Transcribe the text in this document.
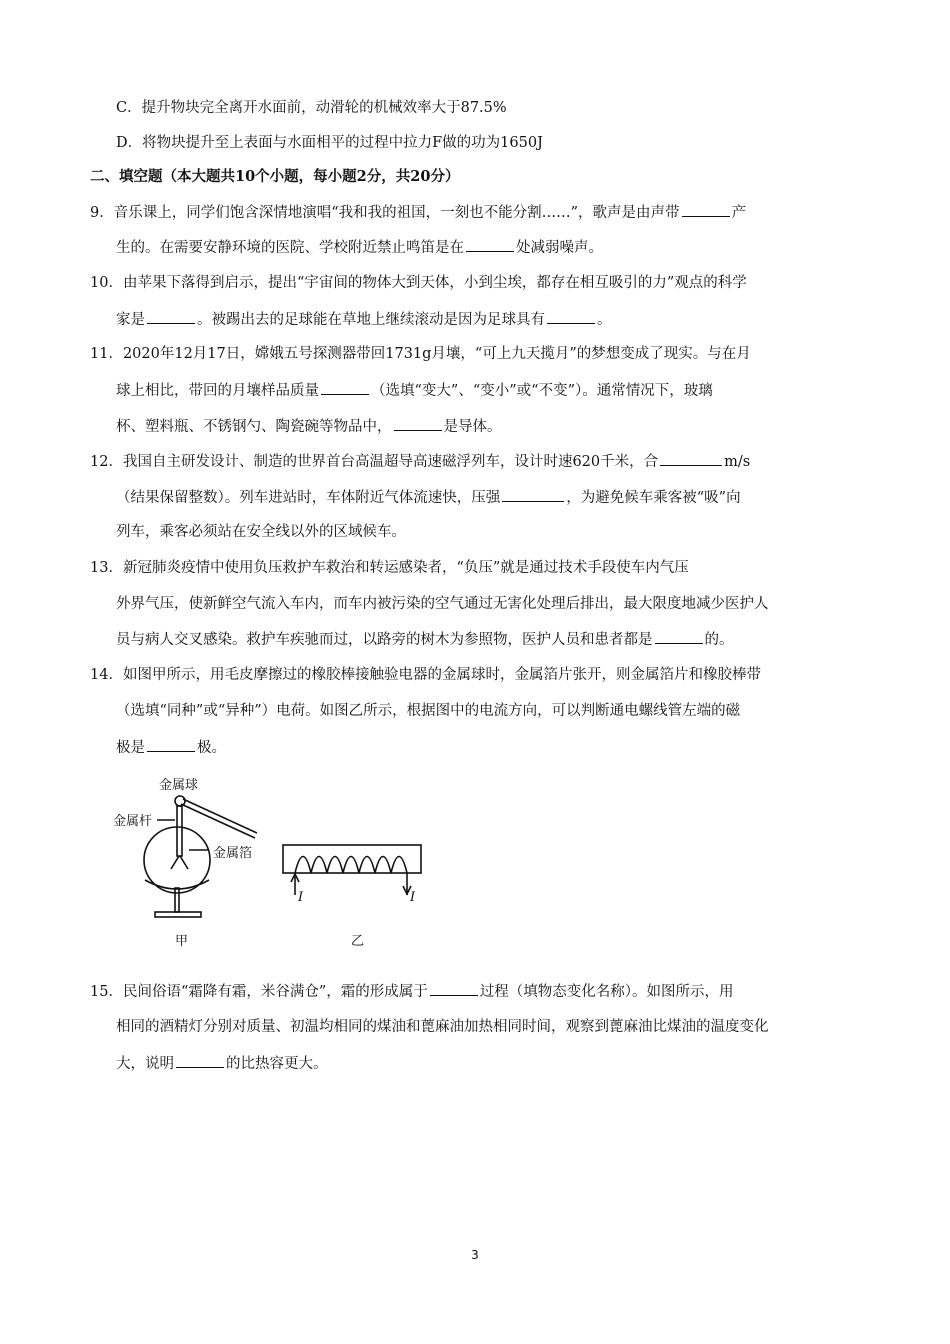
C．提升物块完全离开水面前，动滑轮的机械效率大于87.5%
D．将物块提升至上表面与水面相平的过程中拉力F做的功为1650J
二、填空题（本大题共10个小题，每小题2分，共20分）
9．音乐课上，同学们饱含深情地演唱“我和我的祖国，一刻也不能分割……”，歌声是由声带	产
生的。在需要安静环境的医院、学校附近禁止鸣笛是在	处减弱噪声。
10．由苹果下落得到启示，提出“宇宙间的物体大到天体，小到尘埃，都存在相互吸引的力”观点的科学
家是	。被踢出去的足球能在草地上继续滚动是因为足球具有	。
11．2020年12月17日，嫦娥五号探测器带回1731g月壤，“可上九天揽月”的梦想变成了现实。与在月
球上相比，带回的月壤样品质量	（选填“变大”、“变小”或“不变”）。通常情况下，玻璃
杯、塑料瓶、不锈钢勺、陶瓷碗等物品中，	是导体。
12．我国自主研发设计、制造的世界首台高温超导高速磁浮列车，设计时速620千米，合	m/s
（结果保留整数）。列车进站时，车体附近气体流速快，压强	，为避免候车乘客被“吸”向
列车，乘客必须站在安全线以外的区域候车。
13．新冠肺炎疫情中使用负压救护车救治和转运感染者，“负压”就是通过技术手段使车内气压
外界气压，使新鲜空气流入车内，而车内被污染的空气通过无害化处理后排出，最大限度地减少医护人
员与病人交叉感染。救护车疾驰而过，以路旁的树木为参照物，医护人员和患者都是	的。
14．如图甲所示，用毛皮摩擦过的橡胶棒接触验电器的金属球时，金属箔片张开，则金属箔片和橡胶棒带
（选填“同种”或“异种”）电荷。如图乙所示，根据图中的电流方向，可以判断通电螺线管左端的磁
极是	极。
金属球
金属杆
金属箔
I	I
甲	乙
15．民间俗语“霜降有霜，米谷满仓”，霜的形成属于	过程（填物态变化名称）。如图所示，用
相同的酒精灯分别对质量、初温均相同的煤油和蓖麻油加热相同时间，观察到蓖麻油比煤油的温度变化
大，说明	的比热容更大。
3
